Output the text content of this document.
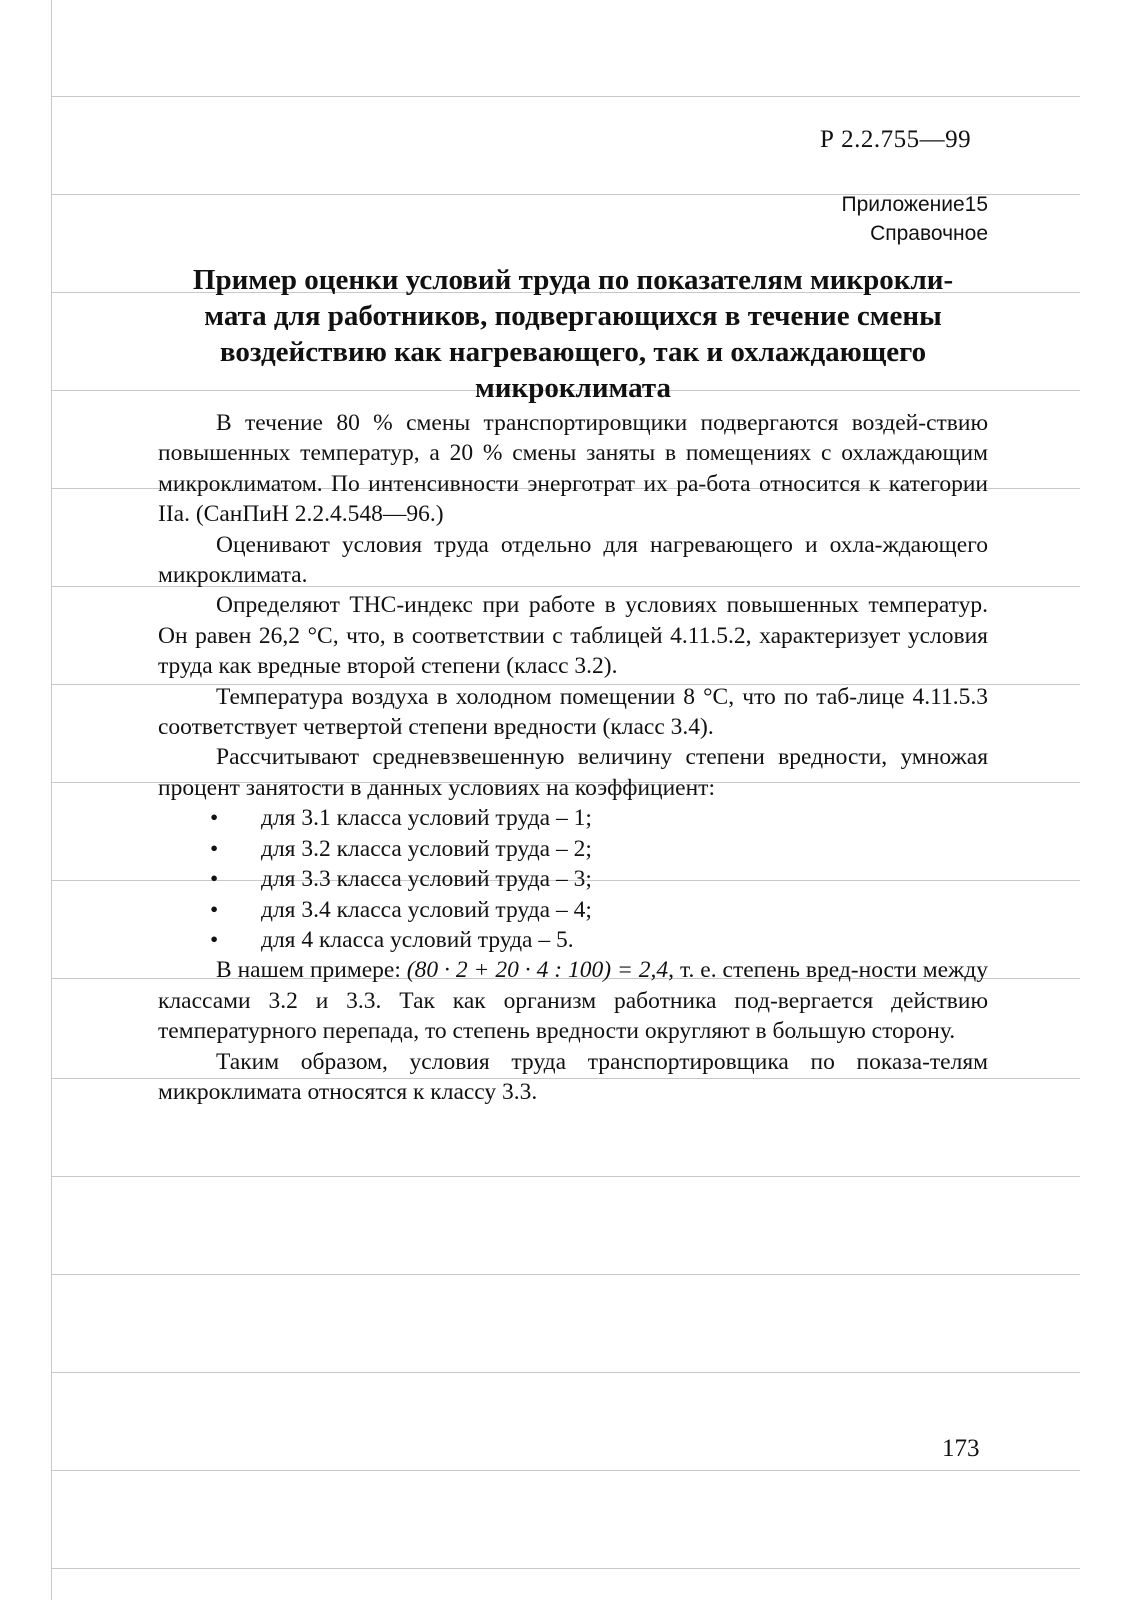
Р 2.2.755—99
Приложение15
Справочное
Пример оценки условий труда по показателям микрокли-
мата для работников, подвергающихся в течение смены
воздействию как нагревающего, так и охлаждающего
микроклимата

В течение 80 % смены транспортировщики подвергаются воздей-ствию повышенных температур, а 20 % смены заняты в помещениях с охлаждающим микроклиматом. По интенсивности энерготрат их ра-бота относится к категории IIа. (СанПиН 2.2.4.548—96.)

Оценивают условия труда отдельно для нагревающего и охла-ждающего микроклимата.

Определяют ТНС-индекс при работе в условиях повышенных температур. Он равен 26,2 °С, что, в соответствии с таблицей 4.11.5.2, характеризует условия труда как вредные второй степени (класс 3.2).

Температура воздуха в холодном помещении 8 °С, что по таб-лице 4.11.5.3 соответствует четвертой степени вредности (класс 3.4).

Рассчитывают средневзвешенную величину степени вредности, умножая процент занятости в данных условиях на коэффициент:

• для 3.1 класса условий труда – 1;
• для 3.2 класса условий труда – 2;
• для 3.3 класса условий труда – 3;
• для 3.4 класса условий труда – 4;
• для 4 класса условий труда – 5.

В нашем примере: (80 · 2 + 20 · 4 : 100) = 2,4, т. е. степень вред-ности между классами 3.2 и 3.3. Так как организм работника под-вергается действию температурного перепада, то степень вредности округляют в большую сторону.

Таким образом, условия труда транспортировщика по показа-телям микроклимата относятся к классу 3.3.

173
